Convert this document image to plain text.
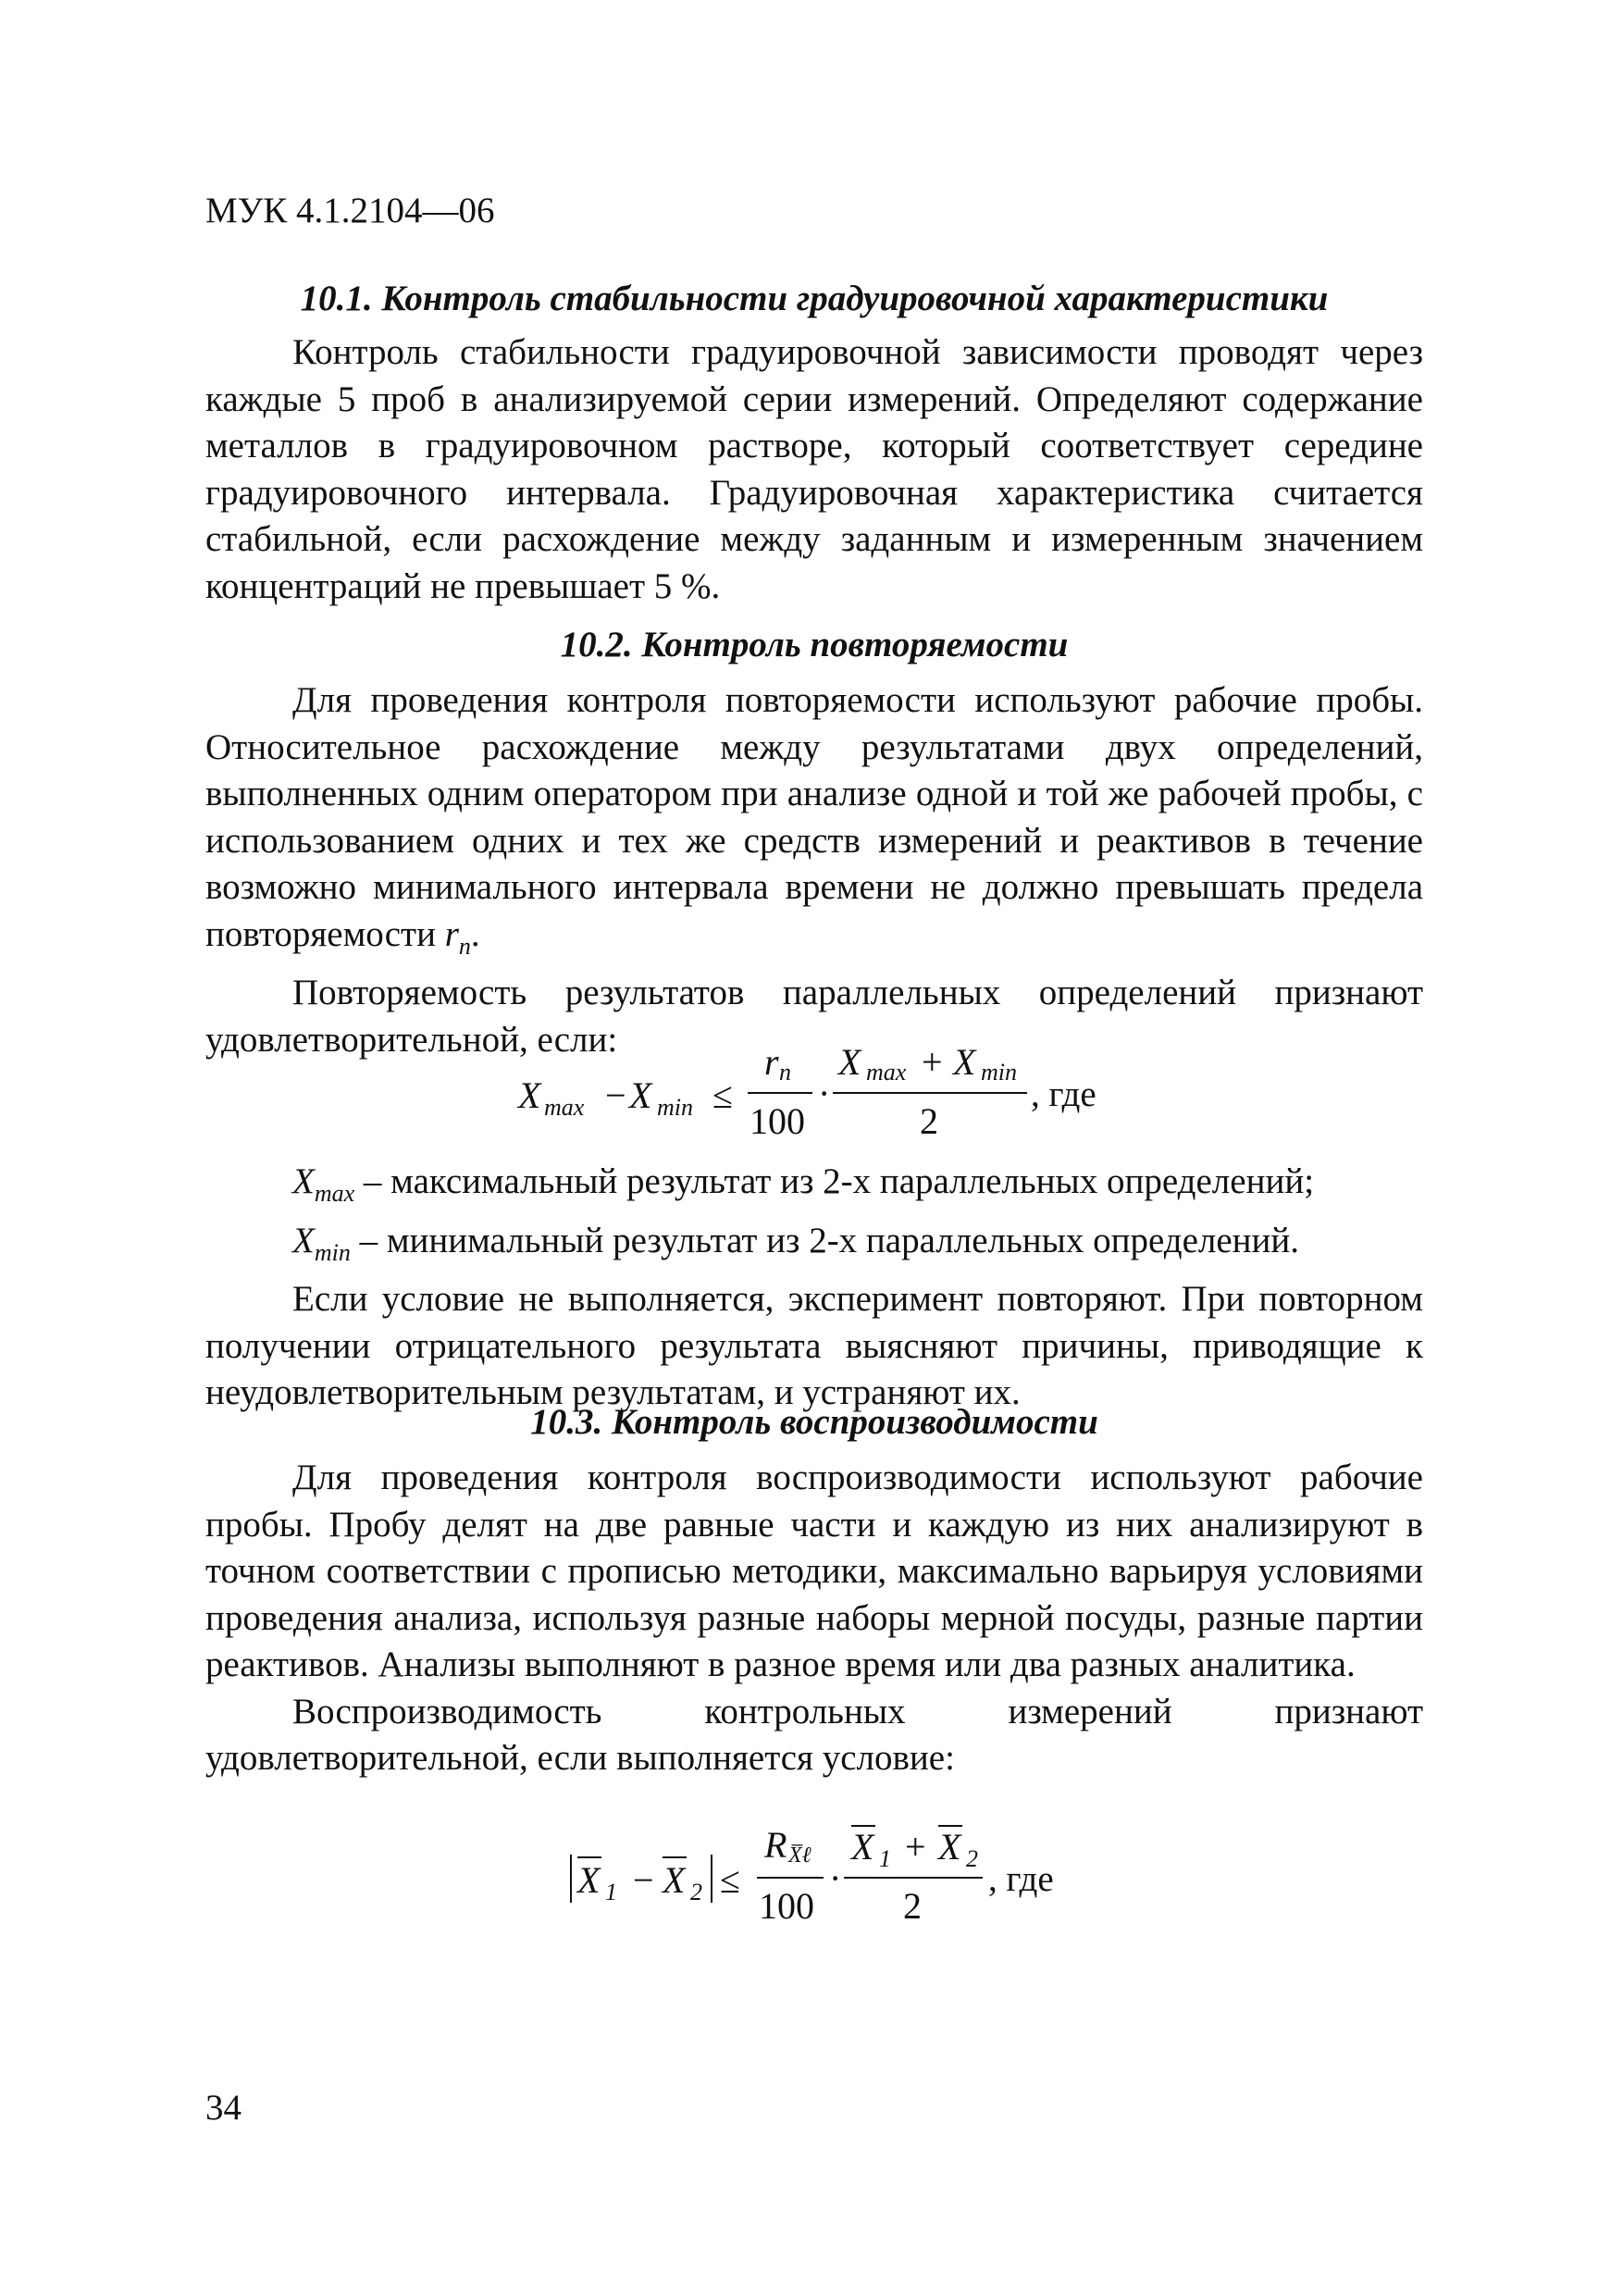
МУК 4.1.2104—06

10.1. Контроль стабильности градуировочной характеристики

Контроль стабильности градуировочной зависимости проводят через каждые 5 проб в анализируемой серии измерений. Определяют содержание металлов в градуировочном растворе, который соответствует середине градуировочного интервала. Градуировочная характеристика считается стабильной, если расхождение между заданным и измеренным значением концентраций не превышает 5 %.

10.2. Контроль повторяемости

Для проведения контроля повторяемости используют рабочие пробы. Относительное расхождение между результатами двух определений, выполненных одним оператором при анализе одной и той же рабочей пробы, с использованием одних и тех же средств измерений и реактивов в течение возможно минимального интервала времени не должно превышать предела повторяемости $r_n$.

Повторяемость результатов параллельных определений признают удовлетворительной, если:

X max − X min ≤
r n
100
·
X max + X min
2
, где

$X_{max}$ – максимальный результат из 2-х параллельных определений;

$X_{min}$ – минимальный результат из 2-х параллельных определений.

Если условие не выполняется, эксперимент повторяют. При повторном получении отрицательного результата выясняют причины, приводящие к неудовлетворительным результатам, и устраняют их.

10.3. Контроль воспроизводимости

Для проведения контроля воспроизводимости используют рабочие пробы. Пробу делят на две равные части и каждую из них анализируют в точном соответствии с прописью методики, максимально варьируя условиями проведения анализа, используя разные наборы мерной посуды, разные партии реактивов. Анализы выполняют в разное время или два разных аналитика.

Воспроизводимость контрольных измерений признают удовлетворительной, если выполняется условие:

X 1 − X 2 ≤
R X̅ℓ
100
·
X 1 + X 2
2
, где
34
